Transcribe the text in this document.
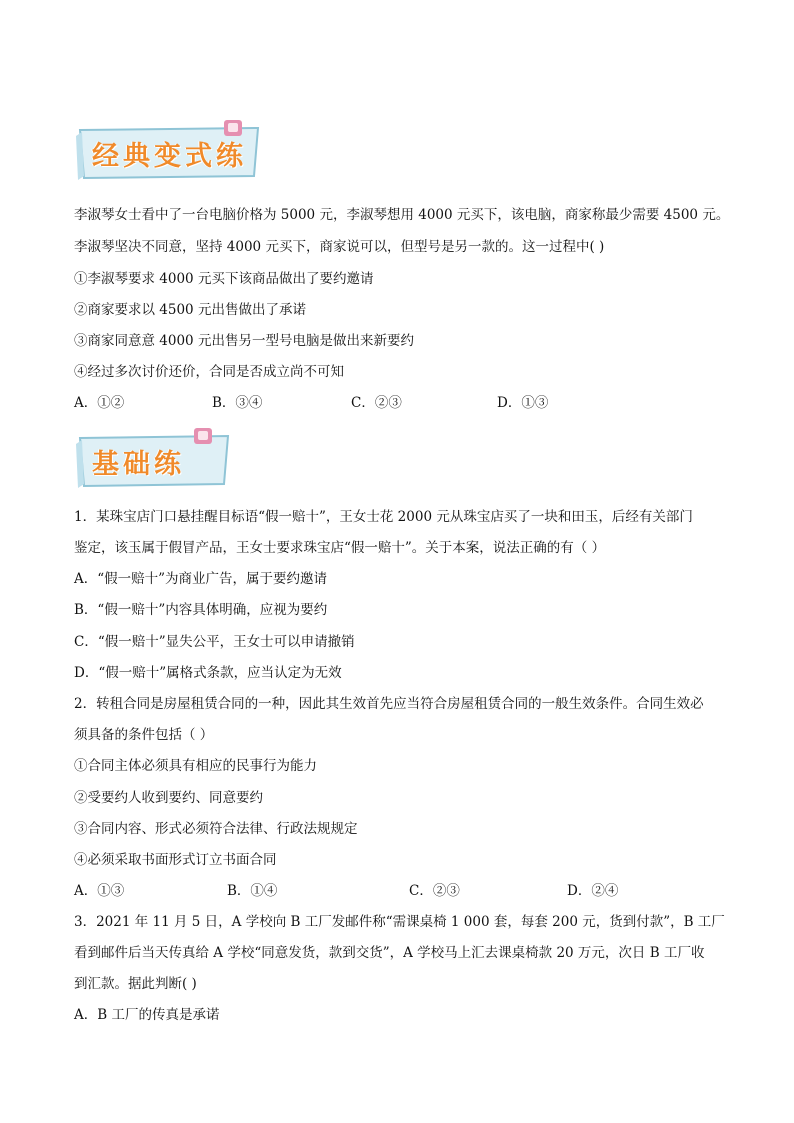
经典变式练
李淑琴女士看中了一台电脑价格为 5000 元，李淑琴想用 4000 元买下，该电脑，商家称最少需要 4500 元。
李淑琴坚决不同意，坚持 4000 元买下，商家说可以，但型号是另一款的。这一过程中( )
①李淑琴要求 4000 元买下该商品做出了要约邀请
②商家要求以 4500 元出售做出了承诺
③商家同意意 4000 元出售另一型号电脑是做出来新要约
④经过多次讨价还价，合同是否成立尚不可知
A．①②	B．③④	C．②③	D．①③
基础练
1．某珠宝店门口悬挂醒目标语“假一赔十”，王女士花 2000 元从珠宝店买了一块和田玉，后经有关部门
鉴定，该玉属于假冒产品，王女士要求珠宝店“假一赔十”。关于本案，说法正确的有（ ）
A．“假一赔十”为商业广告，属于要约邀请
B．“假一赔十”内容具体明确，应视为要约
C．“假一赔十”显失公平，王女士可以申请撤销
D．“假一赔十”属格式条款，应当认定为无效
2．转租合同是房屋租赁合同的一种，因此其生效首先应当符合房屋租赁合同的一般生效条件。合同生效必
须具备的条件包括（ ）
①合同主体必须具有相应的民事行为能力
②受要约人收到要约、同意要约
③合同内容、形式必须符合法律、行政法规规定
④必须采取书面形式订立书面合同
A．①③	B．①④	C．②③	D．②④
3．2021 年 11 月 5 日，A 学校向 B 工厂发邮件称“需课桌椅 1 000 套，每套 200 元，货到付款”，B 工厂
看到邮件后当天传真给 A 学校“同意发货，款到交货”，A 学校马上汇去课桌椅款 20 万元，次日 B 工厂收
到汇款。据此判断( )
A．B 工厂的传真是承诺
